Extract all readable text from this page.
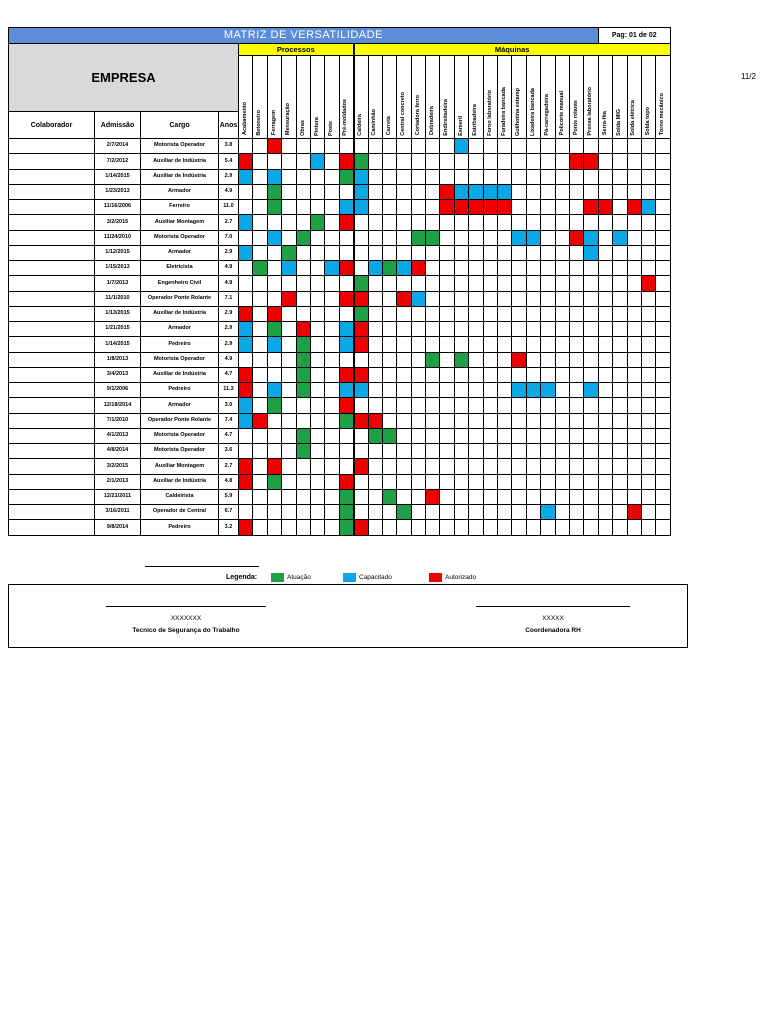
11/2
MATRIZ DE VERSATILIDADE																													Pag: 01 de 02				
EMPRESA				Processos								Máquinas																					
				Acabamento	Betoneiro	Ferragem	Mensuração	Obras	Pintura	Poste	Pré-moldados	Caldeira	Caminhão	Carreta	Central concreto	Cortadora ferro	Dobradeira	Endireitadeira	Esmeril	Estribadeira	Forno laboratório	Furadeira bancada	Guilhotina estamp	Lixadeira bancada	Pá-carregadeira	Policorte manual	Ponte rolante	Prensa laboratório	Serra-fita	Solda MIG	Solda elétrica	Solda topo	Torno mecânico
Colaborador	Admissão	Cargo	Anos																														
	2/7/2014	Motorista Operador	3.8																														
	7/2/2012	Auxiliar de Indústria	5.4																														
	1/14/2015	Auxiliar de Indústria	2.9																														
	1/23/2013	Armador	4.9																														
	11/16/2006	Ferreiro	11.0																														
	3/2/2015	Auxiliar Montagem	2.7																														
	11/24/2010	Motorista Operador	7.0																														
	1/12/2015	Armador	2.9																														
	1/15/2013	Eletricista	4.9																														
	1/7/2013	Engenheiro Civil	4.9																														
	11/1/2010	Operador Ponte Rolante	7.1																														
	1/13/2015	Auxiliar de Indústria	2.9																														
	1/21/2015	Armador	2.9																														
	1/14/2015	Pedreiro	2.9																														
	1/8/2013	Motorista Operador	4.9																														
	3/4/2013	Auxiliar de Indústria	4.7																														
	9/1/2006	Pedreiro	11.3																														
	12/18/2014	Armador	3.0																														
	7/1/2010	Operador Ponte Rolante	7.4																														
	4/1/2013	Motorista Operador	4.7																														
	4/8/2014	Motorista Operador	3.6																														
	3/2/2015	Auxiliar Montagem	2.7																														
	2/1/2013	Auxiliar de Indústria	4.8																														
	12/21/2011	Caldeirista	5.9																														
	3/16/2011	Operador de Central	6.7																														
	9/8/2014	Pedreiro	3.2																														
Legenda:	Atuação	Capacitado	Autorizado
XXXXXXX
Tecnico de Segurança do Trabalho
XXXXX
Coordenadora RH
